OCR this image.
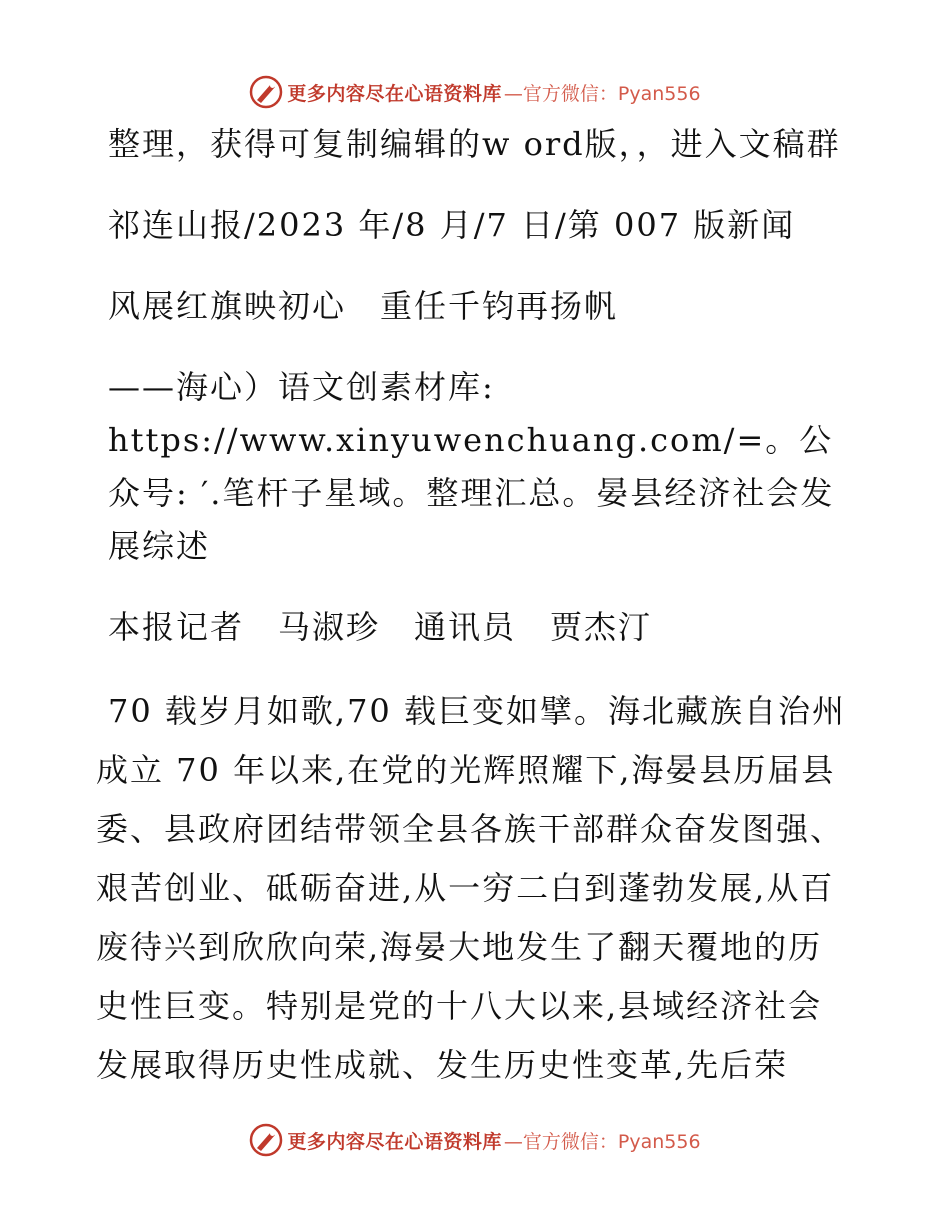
更多内容尽在心语资料库 —官方微信：Pyan556

整理，获得可复制编辑的w ord版，，进入文稿群

祁连山报/2023 年/8 月/7 日/第 007 版新闻

风展红旗映初心　重任千钧再扬帆

——海心）语文创素材库: https://www.xinyuwenchuang.com/=。公众号: ′.笔杆子星域。整理汇总。晏县经济社会发展综述

本报记者　马淑珍　通讯员　贾杰汀

70 载岁月如歌,70 载巨变如擘。海北藏族自治州成立 70 年以来,在党的光辉照耀下,海晏县历届县委、县政府团结带领全县各族干部群众奋发图强、艰苦创业、砥砺奋进,从一穷二白到蓬勃发展,从百废待兴到欣欣向荣,海晏大地发生了翻天覆地的历史性巨变。特别是党的十八大以来,县域经济社会发展取得历史性成就、发生历史性变革,先后荣

更多内容尽在心语资料库 —官方微信：Pyan556
